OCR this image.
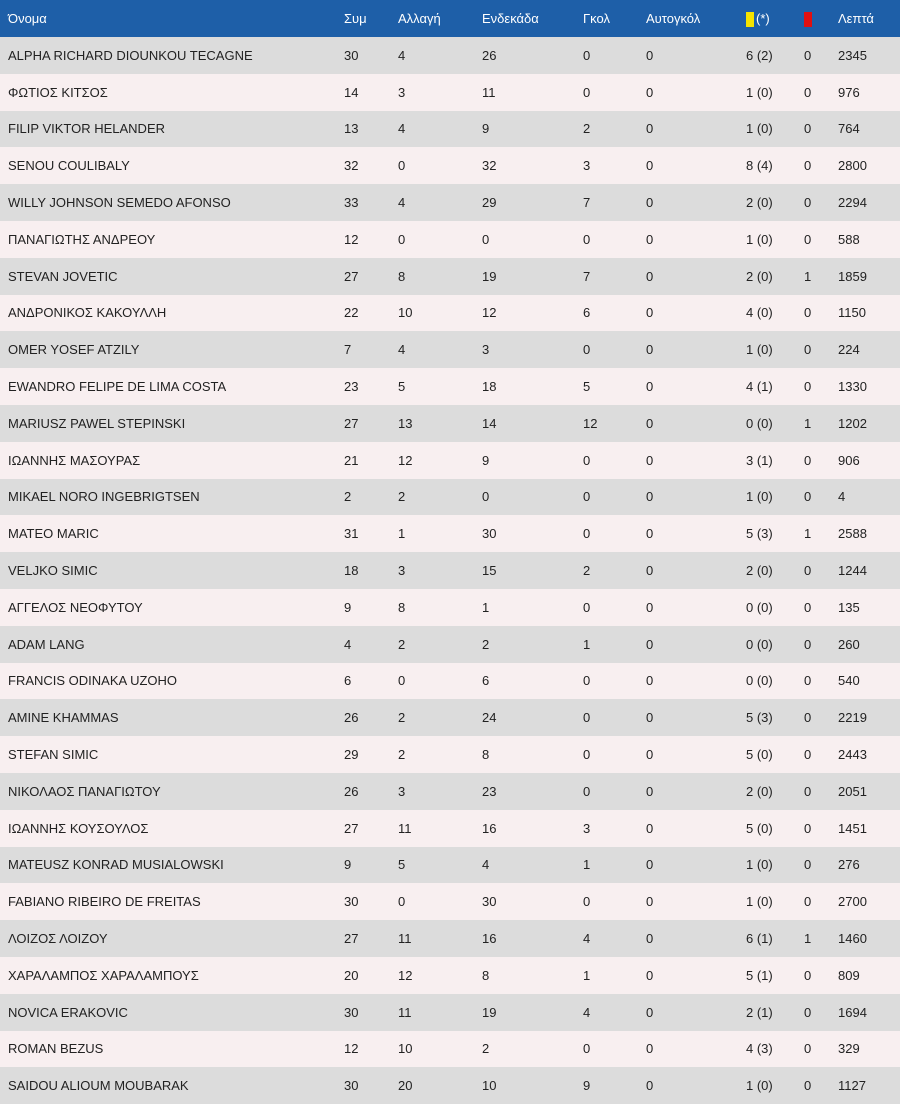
Όνομα	Συμ	Αλλαγή	Ενδεκάδα	Γκολ	Αυτογκόλ	(*)		Λεπτά
ALPHA RICHARD DIOUNKOU TECAGNE	30	4	26	0	0	6 (2)	0	2345
ΦΩΤΙΟΣ ΚΙΤΣΟΣ	14	3	11	0	0	1 (0)	0	976
FILIP VIKTOR HELANDER	13	4	9	2	0	1 (0)	0	764
SENOU COULIBALY	32	0	32	3	0	8 (4)	0	2800
WILLY JOHNSON SEMEDO AFONSO	33	4	29	7	0	2 (0)	0	2294
ΠΑΝΑΓΙΩΤΗΣ ΑΝΔΡΕΟΥ	12	0	0	0	0	1 (0)	0	588
STEVAN JOVETIC	27	8	19	7	0	2 (0)	1	1859
ΑΝΔΡΟΝΙΚΟΣ ΚΑΚΟΥΛΛΗ	22	10	12	6	0	4 (0)	0	1150
OMER YOSEF ATZILY	7	4	3	0	0	1 (0)	0	224
EWANDRO FELIPE DE LIMA COSTA	23	5	18	5	0	4 (1)	0	1330
MARIUSZ PAWEL STEPINSKI	27	13	14	12	0	0 (0)	1	1202
ΙΩΑΝΝΗΣ ΜΑΣΟΥΡΑΣ	21	12	9	0	0	3 (1)	0	906
MIKAEL NORO INGEBRIGTSEN	2	2	0	0	0	1 (0)	0	4
MATEO MARIC	31	1	30	0	0	5 (3)	1	2588
VELJKO SIMIC	18	3	15	2	0	2 (0)	0	1244
ΑΓΓΕΛΟΣ ΝΕΟΦΥΤΟΥ	9	8	1	0	0	0 (0)	0	135
ADAM LANG	4	2	2	1	0	0 (0)	0	260
FRANCIS ODINAKA UZOHO	6	0	6	0	0	0 (0)	0	540
AMINE KHAMMAS	26	2	24	0	0	5 (3)	0	2219
STEFAN SIMIC	29	2	8	0	0	5 (0)	0	2443
ΝΙΚΟΛΑΟΣ ΠΑΝΑΓΙΩΤΟΥ	26	3	23	0	0	2 (0)	0	2051
ΙΩΑΝΝΗΣ ΚΟΥΣΟΥΛΟΣ	27	11	16	3	0	5 (0)	0	1451
MATEUSZ KONRAD MUSIALOWSKI	9	5	4	1	0	1 (0)	0	276
FABIANO RIBEIRO DE FREITAS	30	0	30	0	0	1 (0)	0	2700
ΛΟΙΖΟΣ ΛΟΙΖΟΥ	27	11	16	4	0	6 (1)	1	1460
ΧΑΡΑΛΑΜΠΟΣ ΧΑΡΑΛΑΜΠΟΥΣ	20	12	8	1	0	5 (1)	0	809
NOVICA ERAKOVIC	30	11	19	4	0	2 (1)	0	1694
ROMAN BEZUS	12	10	2	0	0	4 (3)	0	329
SAIDOU ALIOUM MOUBARAK	30	20	10	9	0	1 (0)	0	1127
